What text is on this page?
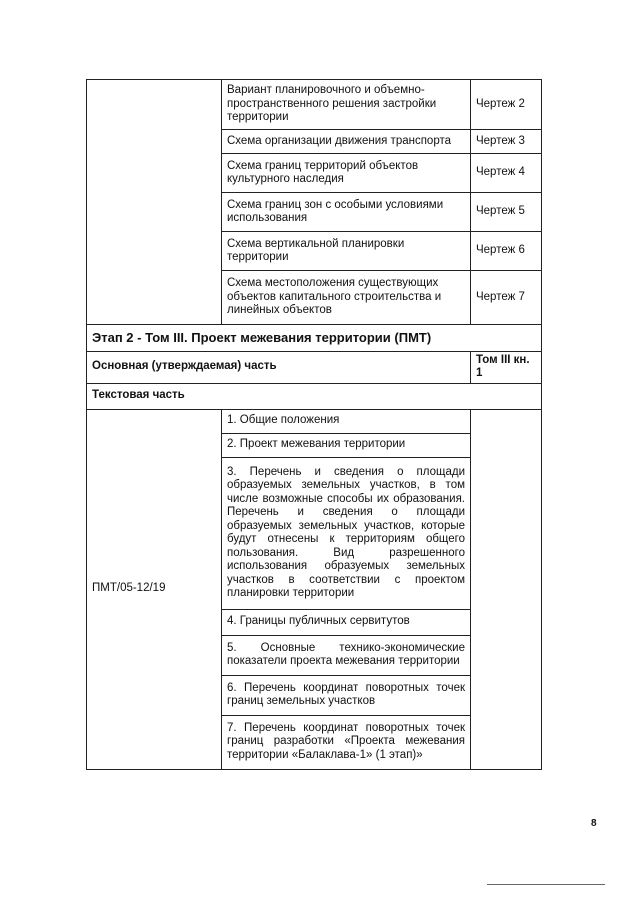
	Вариант планировочного и объемно-пространственного решения застройки территории	Чертеж 2
	Схема организации движения транспорта	Чертеж 3
	Схема границ территорий объектов культурного наследия	Чертеж 4
	Схема границ зон с особыми условиями использования	Чертеж 5
	Схема вертикальной планировки территории	Чертеж 6
	Схема местоположения существующих объектов капитального строительства и линейных объектов	Чертеж 7
Этап 2 - Том III. Проект межевания территории (ПМТ)		
Основная (утверждаемая) часть		Том III кн. 1
Текстовая часть		
ПМТ/05-12/19	1. Общие положения	
	2. Проект межевания территории	
	3. Перечень и сведения о площади образуемых земельных участков, в том числе возможные способы их образования. Перечень и сведения о площади образуемых земельных участков, которые будут отнесены к территориям общего пользования. Вид разрешенного использования образуемых земельных участков в соответствии с проектом планировки территории	
	4. Границы публичных сервитутов	
	5. Основные технико-экономические показатели проекта межевания территории	
	6. Перечень координат поворотных точек границ земельных участков	
	7. Перечень координат поворотных точек границ разработки «Проекта межевания территории «Балаклава-1» (1 этап)»	
8
